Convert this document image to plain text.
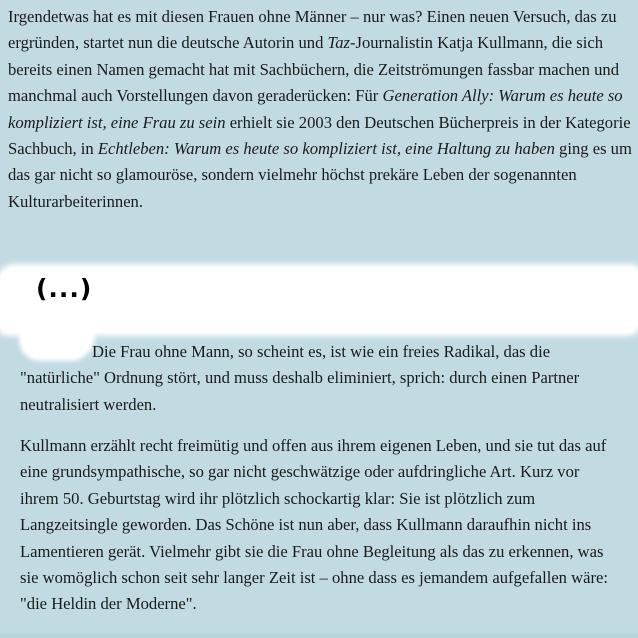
Irgendetwas hat es mit diesen Frauen ohne Männer – nur was? Einen neuen Versuch, das zu ergründen, startet nun die deutsche Autorin und Taz-Journalistin Katja Kullmann, die sich bereits einen Namen gemacht hat mit Sachbüchern, die Zeitströmungen fassbar machen und manchmal auch Vorstellungen davon geraderücken: Für Generation Ally: Warum es heute so kompliziert ist, eine Frau zu sein erhielt sie 2003 den Deutschen Bücherpreis in der Kategorie Sachbuch, in Echtleben: Warum es heute so kompliziert ist, eine Haltung zu haben ging es um das gar nicht so glamouröse, sondern vielmehr höchst prekäre Leben der sogenannten Kulturarbeiterinnen.

(...)

Die Frau ohne Mann, so scheint es, ist wie ein freies Radikal, das die "natürliche" Ordnung stört, und muss deshalb eliminiert, sprich: durch einen Partner neutralisiert werden.

Kullmann erzählt recht freimütig und offen aus ihrem eigenen Leben, und sie tut das auf eine grundsympathische, so gar nicht geschwätzige oder aufdringliche Art. Kurz vor ihrem 50. Geburtstag wird ihr plötzlich schockartig klar: Sie ist plötzlich zum Langzeitsingle geworden. Das Schöne ist nun aber, dass Kullmann daraufhin nicht ins Lamentieren gerät. Vielmehr gibt sie die Frau ohne Begleitung als das zu erkennen, was sie womöglich schon seit sehr langer Zeit ist – ohne dass es jemandem aufgefallen wäre: "die Heldin der Moderne".
